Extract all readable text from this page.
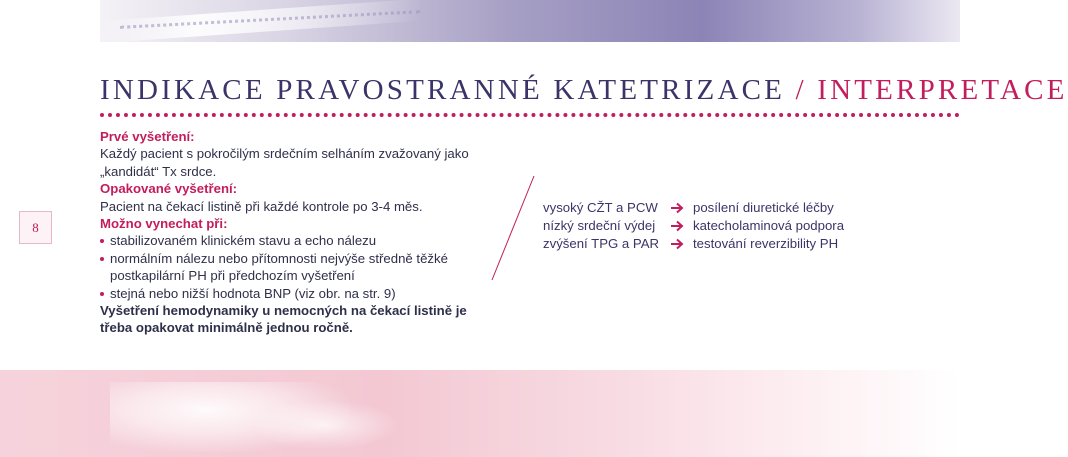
INDIKACE PRAVOSTRANNÉ KATETRIZACE / INTERPRETACE
8

Prvé vyšetření:

Každý pacient s pokročilým srdečním selháním zvažovaný jako „kandidát“ Tx srdce.

Opakované vyšetření:

Pacient na čekací listině při každé kontrole po 3-4 měs.

Možno vynechat při:

stabilizovaném klinickém stavu a echo nálezu
normálním nálezu nebo přítomnosti nejvýše středně těžké postkapilární PH při předchozím vyšetření
stejná nebo nižší hodnota BNP (viz obr. na str. 9)

Vyšetření hemodynamiky u nemocných na čekací listině je třeba opakovat minimálně jednou ročně.

vysoký CŽT a PCW
nízký srdeční výdej
zvýšení TPG a PAR
posílení diuretické léčby
katecholaminová podpora
testování reverzibility PH
